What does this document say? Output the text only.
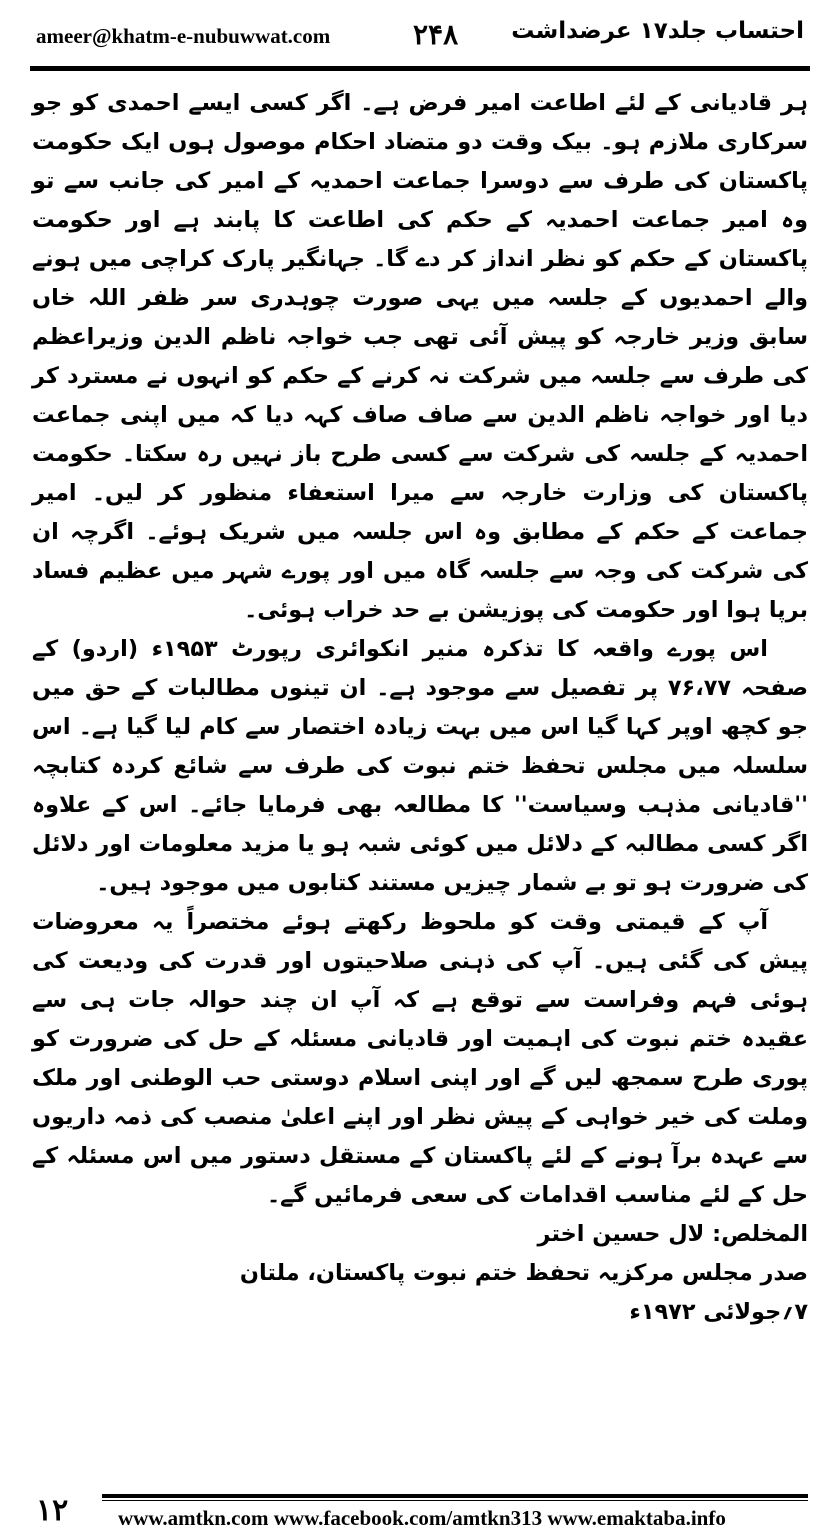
ameer@khatm-e-nubuwwat.com	۲۴۸ احتساب جلد۱۷ عرضداشت

ہر قادیانی کے لئے اطاعت امیر فرض ہے۔ اگر کسی ایسے احمدی کو جو سرکاری ملازم ہو۔ بیک وقت دو متضاد احکام موصول ہوں ایک حکومت پاکستان کی طرف سے دوسرا جماعت احمدیہ کے امیر کی جانب سے تو وہ امیر جماعت احمدیہ کے حکم کی اطاعت کا پابند ہے اور حکومت پاکستان کے حکم کو نظر انداز کر دے گا۔ جہانگیر پارک کراچی میں ہونے والے احمدیوں کے جلسہ میں یہی صورت چوہدری سر ظفر اللہ خاں سابق وزیر خارجہ کو پیش آئی تھی جب خواجہ ناظم الدین وزیراعظم کی طرف سے جلسہ میں شرکت نہ کرنے کے حکم کو انہوں نے مسترد کر دیا اور خواجہ ناظم الدین سے صاف صاف کہہ دیا کہ میں اپنی جماعت احمدیہ کے جلسہ کی شرکت سے کسی طرح باز نہیں رہ سکتا۔ حکومت پاکستان کی وزارت خارجہ سے میرا استعفاء منظور کر لیں۔ امیر جماعت کے حکم کے مطابق وہ اس جلسہ میں شریک ہوئے۔ اگرچہ ان کی شرکت کی وجہ سے جلسہ گاہ میں اور پورے شہر میں عظیم فساد برپا ہوا اور حکومت کی پوزیشن بے حد خراب ہوئی۔

اس پورے واقعہ کا تذکرہ منیر انکوائری رپورٹ ۱۹۵۳ء (اردو) کے صفحہ ۷۶،۷۷ پر تفصیل سے موجود ہے۔ ان تینوں مطالبات کے حق میں جو کچھ اوپر کہا گیا اس میں بہت زیادہ اختصار سے کام لیا گیا ہے۔ اس سلسلہ میں مجلس تحفظ ختم نبوت کی طرف سے شائع کردہ کتابچہ ''قادیانی مذہب وسیاست'' کا مطالعہ بھی فرمایا جائے۔ اس کے علاوہ اگر کسی مطالبہ کے دلائل میں کوئی شبہ ہو یا مزید معلومات اور دلائل کی ضرورت ہو تو بے شمار چیزیں مستند کتابوں میں موجود ہیں۔

آپ کے قیمتی وقت کو ملحوظ رکھتے ہوئے مختصراً یہ معروضات پیش کی گئی ہیں۔ آپ کی ذہنی صلاحیتوں اور قدرت کی ودیعت کی ہوئی فہم وفراست سے توقع ہے کہ آپ ان چند حوالہ جات ہی سے عقیدہ ختم نبوت کی اہمیت اور قادیانی مسئلہ کے حل کی ضرورت کو پوری طرح سمجھ لیں گے اور اپنی اسلام دوستی حب الوطنی اور ملک وملت کی خیر خواہی کے پیش نظر اور اپنے اعلیٰ منصب کی ذمہ داریوں سے عہدہ برآ ہونے کے لئے پاکستان کے مستقل دستور میں اس مسئلہ کے حل کے لئے مناسب اقدامات کی سعی فرمائیں گے۔

المخلص: لال حسین اختر

صدر مجلس مرکزیہ تحفظ ختم نبوت پاکستان، ملتان

۷؍جولائی ۱۹۷۲ء

۱۲ www.amtkn.com www.facebook.com/amtkn313 www.emaktaba.info
